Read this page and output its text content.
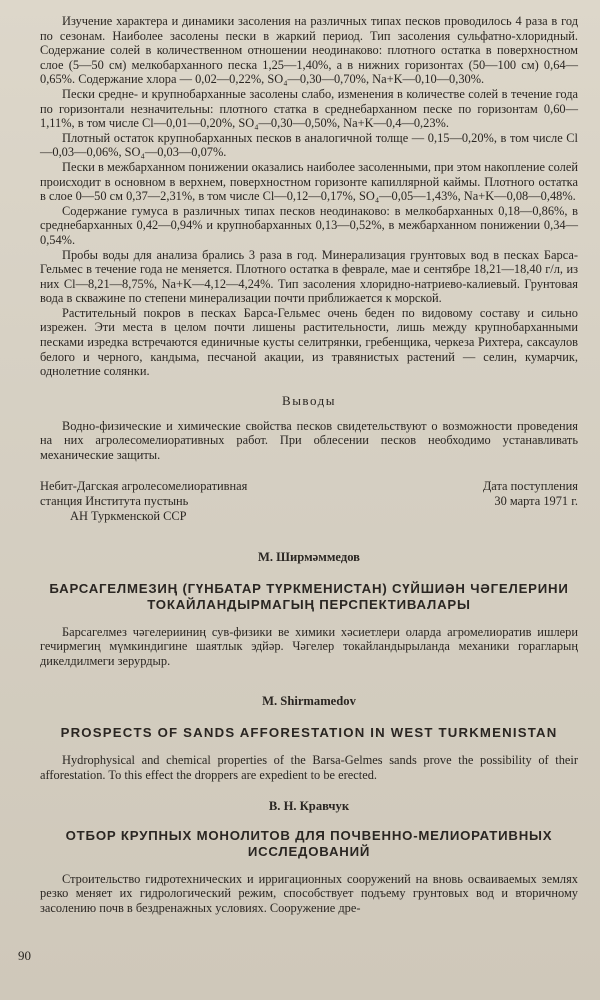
Изучение характера и динамики засоления на различных типах песков проводилось 4 раза в год по сезонам. Наиболее засолены пески в жаркий период. Тип засоления сульфатно-хлоридный. Содержание солей в количественном отношении неодинаково: плотного остатка в поверхностном слое (5—50 см) мелкобарханного песка 1,25—1,40%, а в нижних горизонтах (50—100 см) 0,64—0,65%. Содержание хлора — 0,02—0,22%, SO₄—0,30—0,70%, Na+K—0,10—0,30%.

Пески средне- и крупнобарханные засолены слабо, изменения в количестве солей в течение года по горизонтали незначительны: плотного статка в среднебарханном песке по горизонтам 0,60—1,11%, в том числе Cl—0,01—0,20%, SO₄—0,30—0,50%, Na+K—0,4—0,23%.

Плотный остаток крупнобарханных песков в аналогичной толще — 0,15—0,20%, в том числе Cl—0,03—0,06%, SO₄—0,03—0,07%.

Пески в межбарханном понижении оказались наиболее засоленными, при этом накопление солей происходит в основном в верхнем, поверхностном горизонте капиллярной каймы. Плотного остатка в слое 0—50 см 0,37—2,31%, в том числе Cl—0,12—0,17%, SO₄—0,05—1,43%, Na+K—0,08—0,48%.

Содержание гумуса в различных типах песков неодинаково: в мелкобарханных 0,18—0,86%, в среднебарханных 0,42—0,94% и крупнобарханных 0,13—0,52%, в межбарханном понижении 0,34—0,54%.

Пробы воды для анализа брались 3 раза в год. Минерализация грунтовых вод в песках Барса-Гельмес в течение года не меняется. Плотного остатка в феврале, мае и сентябре 18,21—18,40 г/л, из них Cl—8,21—8,75%, Na+K—4,12—4,24%. Тип засоления хлоридно-натриево-калиевый. Грунтовая вода в скважине по степени минерализации почти приближается к морской.

Растительный покров в песках Барса-Гельмес очень беден по видовому составу и сильно изрежен. Эти места в целом почти лишены растительности, лишь между крупнобарханными песками изредка встречаются единичные кусты селитрянки, гребенщика, черкеза Рихтера, саксаулов белого и черного, кандыма, песчаной акации, из травянистых растений — селин, кумарчик, однолетние солянки.

Выводы

Водно-физические и химические свойства песков свидетельствуют о возможности проведения на них агролесомелиоративных работ. При облесении песков необходимо устанавливать механические защиты.

Небит-Дагская агролесомелиоративная
станция Института пустынь
АН Туркменской ССР
Дата поступления
30 марта 1971 г.
М. Ширмәммедов
БАРСАГЕЛМЕЗИҢ (ГҮНБАТАР ТҮРКМЕНИСТАН) СҮЙШИӘН ЧӘГЕЛЕРИНИ ТОКАЙЛАНДЫРМАГЫҢ ПЕРСПЕКТИВАЛАРЫ

Барсагелмез чәгелерииниң сув-физики ве химики хәсиетлери оларда агромелиоратив ишлери гечирмегиң мүмкиндигине шаятлык эдйәр. Чәгелер токайландырыланда механики горагларың дикелдилмеги зерурдыр.

M. Shirmamedov
PROSPECTS OF SANDS AFFORESTATION IN WEST TURKMENISTAN

Hydrophysical and chemical properties of the Barsa-Gelmes sands prove the possibility of their afforestation. To this effect the droppers are expedient to be erected.

В. Н. Кравчук
ОТБОР КРУПНЫХ МОНОЛИТОВ ДЛЯ ПОЧВЕННО-МЕЛИОРАТИВНЫХ ИССЛЕДОВАНИЙ

Строительство гидротехнических и ирригационных сооружений на вновь осваиваемых землях резко меняет их гидрологический режим, способствует подъему грунтовых вод и вторичному засолению почв в бездренажных условиях. Сооружение дре-

90
